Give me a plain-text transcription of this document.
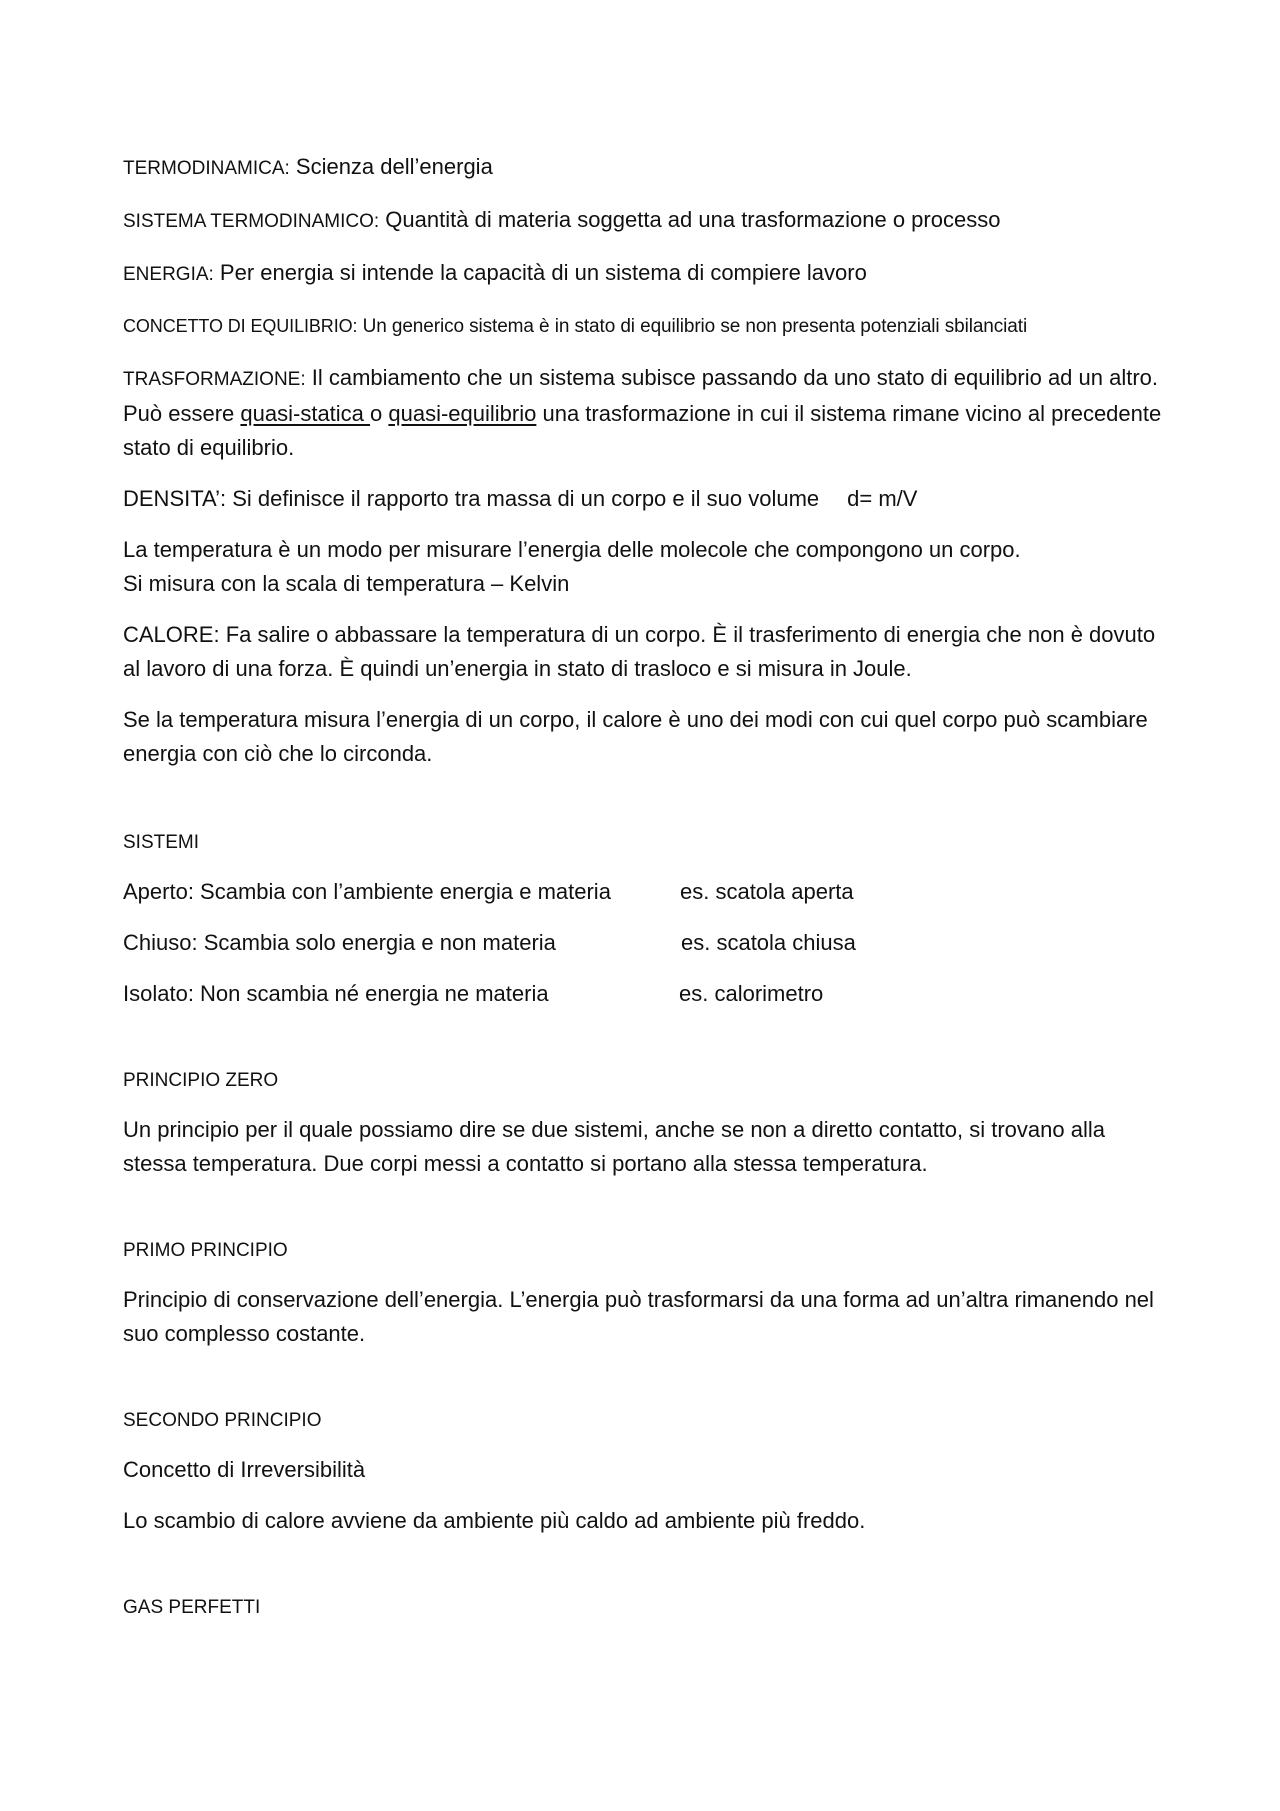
TERMODINAMICA: Scienza dell’energia

SISTEMA TERMODINAMICO: Quantità di materia soggetta ad una trasformazione o processo

ENERGIA: Per energia si intende la capacità di un sistema di compiere lavoro

CONCETTO DI EQUILIBRIO: Un generico sistema è in stato di equilibrio se non presenta potenziali sbilanciati

TRASFORMAZIONE: Il cambiamento che un sistema subisce passando da uno stato di equilibrio ad un altro. Può essere quasi-statica o quasi-equilibrio una trasformazione in cui il sistema rimane vicino al precedente stato di equilibrio.

DENSITA’: Si definisce il rapporto tra massa di un corpo e il suo volume d= m/V

La temperatura è un modo per misurare l’energia delle molecole che compongono un corpo.
Si misura con la scala di temperatura – Kelvin

CALORE: Fa salire o abbassare la temperatura di un corpo. È il trasferimento di energia che non è dovuto al lavoro di una forza. È quindi un’energia in stato di trasloco e si misura in Joule.

Se la temperatura misura l’energia di un corpo, il calore è uno dei modi con cui quel corpo può scambiare energia con ciò che lo circonda.

SISTEMI

Aperto: Scambia con l’ambiente energia e materia	es. scatola aperta
Chiuso: Scambia solo energia e non materia	es. scatola chiusa
Isolato: Non scambia né energia ne materia	es. calorimetro

PRINCIPIO ZERO

Un principio per il quale possiamo dire se due sistemi, anche se non a diretto contatto, si trovano alla stessa temperatura. Due corpi messi a contatto si portano alla stessa temperatura.

PRIMO PRINCIPIO

Principio di conservazione dell’energia. L’energia può trasformarsi da una forma ad un’altra rimanendo nel suo complesso costante.

SECONDO PRINCIPIO

Concetto di Irreversibilità

Lo scambio di calore avviene da ambiente più caldo ad ambiente più freddo.

GAS PERFETTI
